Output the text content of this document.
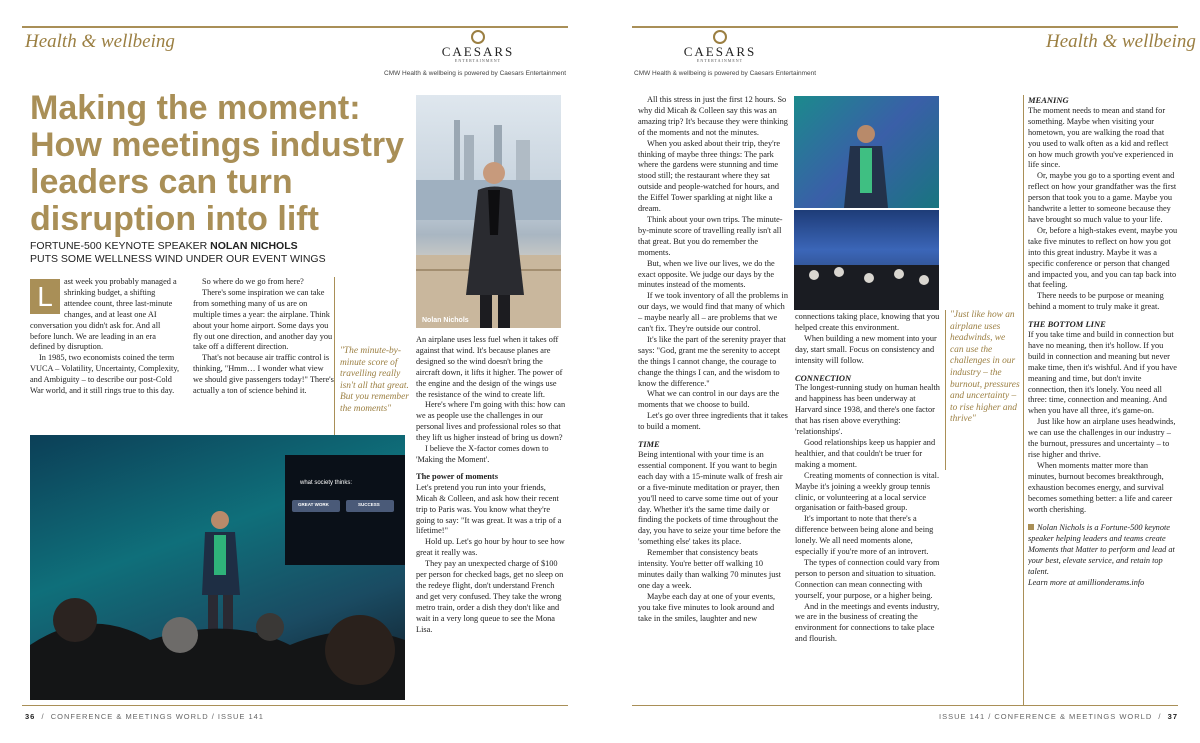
Health & wellbeing	CAESARS
ENTERTAINMENT
CMW Health & wellbeing is powered by Caesars Entertainment
Making the moment: How meetings industry leaders can turn disruption into lift
FORTUNE-500 KEYNOTE SPEAKER NOLAN NICHOLS
PUTS SOME WELLNESS WIND UNDER OUR EVENT WINGS
L	ast week you probably managed a shrinking budget, a shifting attendee count, three last-minute changes, and at least one AI conversation you didn't ask for. And all before lunch. We are leading in an era defined by disruption.

In 1985, two economists coined the term VUCA – Volatility, Uncertainty, Complexity, and Ambiguity – to describe our post-Cold War world, and it still rings true to this day.

So where do we go from here?

There's some inspiration we can take from something many of us are on multiple times a year: the airplane. Think about your home airport. Some days you fly out one direction, and another day you take off a different direction.

That's not because air traffic control is thinking, "Hmm… I wonder what view we should give passengers today!" There's actually a ton of science behind it.

"The minute-by-minute score of travelling really isn't all that great. But you remember the moments"
Nolan Nichols

An airplane uses less fuel when it takes off against that wind. It's because planes are designed so the wind doesn't bring the aircraft down, it lifts it higher. The power of the engine and the design of the wings use the resistance of the wind to create lift.

Here's where I'm going with this: how can we as people use the challenges in our personal lives and professional roles so that they lift us higher instead of bring us down?

I believe the X-factor comes down to 'Making the Moment'.

The power of moments

Let's pretend you run into your friends, Micah & Colleen, and ask how their recent trip to Paris was. You know what they're going to say: "It was great. It was a trip of a lifetime!"

Hold up. Let's go hour by hour to see how great it really was.

They pay an unexpected charge of $100 per person for checked bags, get no sleep on the redeye flight, don't understand French and get very confused. They take the wrong metro train, order a dish they don't like and wait in a very long queue to see the Mona Lisa.

what society thinks:
GREAT WORK	SUCCESS
36  /  CONFERENCE & MEETINGS WORLD / ISSUE 141
Health & wellbeing
CAESARS
ENTERTAINMENT
CMW Health & wellbeing is powered by Caesars Entertainment

All this stress in just the first 12 hours. So why did Micah & Colleen say this was an amazing trip? It's because they were thinking of the moments and not the minutes.

When you asked about their trip, they're thinking of maybe three things: The park where the gardens were stunning and time stood still; the restaurant where they sat outside and people-watched for hours, and the Eiffel Tower sparkling at night like a dream.

Think about your own trips. The minute-by-minute score of travelling really isn't all that great. But you do remember the moments.

But, when we live our lives, we do the exact opposite. We judge our days by the minutes instead of the moments.

If we took inventory of all the problems in our days, we would find that many of which – maybe nearly all – are problems that we can't fix. They're outside our control.

It's like the part of the serenity prayer that says: "God, grant me the serenity to accept the things I cannot change, the courage to change the things I can, and the wisdom to know the difference."

What we can control in our days are the moments that we choose to build.

Let's go over three ingredients that it takes to build a moment.

TIME

Being intentional with your time is an essential component. If you want to begin each day with a 15-minute walk of fresh air or a five-minute meditation or prayer, then you'll need to carve some time out of your day. Whether it's the same time daily or finding the pockets of time throughout the day, you have to seize your time before the 'something else' takes its place.

Remember that consistency beats intensity. You're better off walking 10 minutes daily than walking 70 minutes just one day a week.

Maybe each day at one of your events, you take five minutes to look around and take in the smiles, laughter and new

connections taking place, knowing that you helped create this environment.

When building a new moment into your day, start small. Focus on consistency and intensity will follow.

CONNECTION

The longest-running study on human health and happiness has been underway at Harvard since 1938, and there's one factor that has risen above everything: 'relationships'.

Good relationships keep us happier and healthier, and that couldn't be truer for making a moment.

Creating moments of connection is vital. Maybe it's joining a weekly group tennis clinic, or volunteering at a local service organisation or faith-based group.

It's important to note that there's a difference between being alone and being lonely. We all need moments alone, especially if you're more of an introvert.

The types of connection could vary from person to person and situation to situation. Connection can mean connecting with yourself, your purpose, or a higher being.

And in the meetings and events industry, we are in the business of creating the environment for connections to take place and flourish.

"Just like how an airplane uses headwinds, we can use the challenges in our industry – the burnout, pressures and uncertainty – to rise higher and thrive"
MEANING

The moment needs to mean and stand for something. Maybe when visiting your hometown, you are walking the road that you used to walk often as a kid and reflect on how much growth you've experienced in life since.

Or, maybe you go to a sporting event and reflect on how your grandfather was the first person that took you to a game. Maybe you handwrite a letter to someone because they have brought so much value to your life.

Or, before a high-stakes event, maybe you take five minutes to reflect on how you got into this great industry. Maybe it was a specific conference or person that changed and impacted you, and you can tap back into that feeling.

There needs to be purpose or meaning behind a moment to truly make it great.

THE BOTTOM LINE

If you take time and build in connection but have no meaning, then it's hollow. If you build in connection and meaning but never make time, then it's wishful. And if you have meaning and time, but don't invite connection, then it's lonely. You need all three: time, connection and meaning. And when you have all three, it's game-on.

Just like how an airplane uses headwinds, we can use the challenges in our industry – the burnout, pressures and uncertainty – to rise higher and thrive.

When moments matter more than minutes, burnout becomes breakthrough, exhaustion becomes energy, and survival becomes something better: a life and career worth cherishing.

Nolan Nichols is a Fortune-500 keynote speaker helping leaders and teams create Moments that Matter to perform and lead at your best, elevate service, and retain top talent.
Learn more at amillionderams.info

ISSUE 141 / CONFERENCE & MEETINGS WORLD  /  37
